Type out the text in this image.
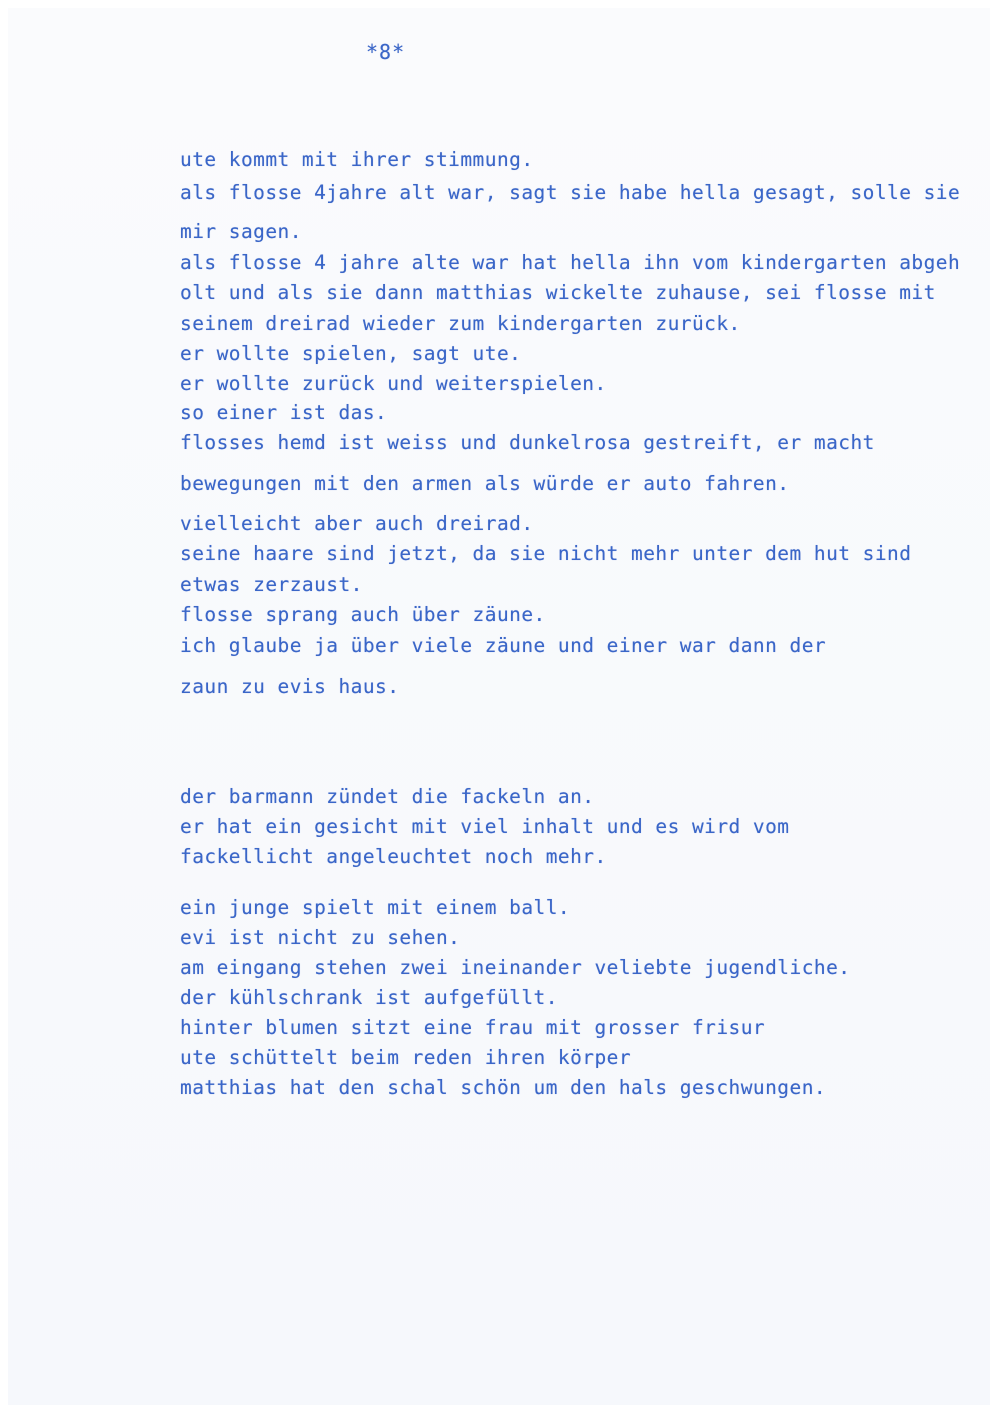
*8*
ute kommt mit ihrer stimmung.
als flosse 4jahre alt war, sagt sie habe hella gesagt, solle sie
mir sagen.
als flosse 4 jahre alte war hat hella ihn vom kindergarten abgeh
olt und als sie dann matthias wickelte zuhause, sei flosse mit
seinem dreirad wieder zum kindergarten zurück.
er wollte spielen, sagt ute.
er wollte zurück und weiterspielen.
so einer ist das.
flosses hemd ist weiss und dunkelrosa gestreift, er macht
bewegungen mit den armen als würde er auto fahren.
vielleicht aber auch dreirad.
seine haare sind jetzt, da sie nicht mehr unter dem hut sind
etwas zerzaust.
flosse sprang auch über zäune.
ich glaube ja über viele zäune und einer war dann der
zaun zu evis haus.
der barmann zündet die fackeln an.
er hat ein gesicht mit viel inhalt und es wird vom
fackellicht angeleuchtet noch mehr.
ein junge spielt mit einem ball.
evi ist nicht zu sehen.
am eingang stehen zwei ineinander veliebte jugendliche.
der kühlschrank ist aufgefüllt.
hinter blumen sitzt eine frau mit grosser frisur
ute schüttelt beim reden ihren körper
matthias hat den schal schön um den hals geschwungen.
